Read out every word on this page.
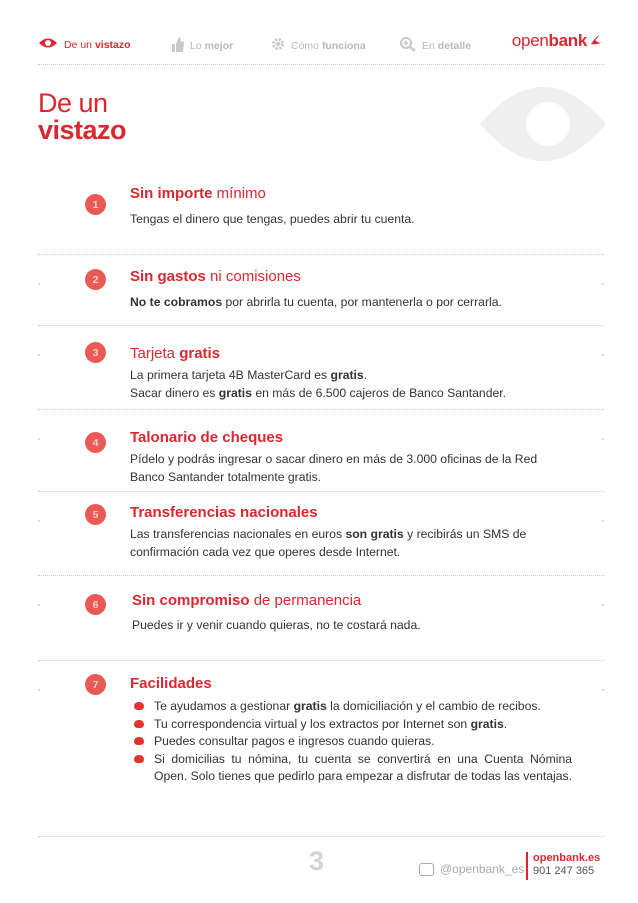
De un
vistazo	Lo
mejor	Cómo
funciona	En
detalle open bank
De un
vistazo
1
Sin importe mínimo
Tengas el dinero que tengas, puedes abrir tu cuenta.
2	Sin gastos ni comisiones
No te cobramos por abrirla tu cuenta, por mantenerla o por cerrarla.
3	Tarjeta gratis
La primera tarjeta 4B MasterCard es gratis.
Sacar dinero es gratis en más de 6.500 cajeros de Banco Santander.
4	Talonario de cheques
Pídelo y podrás ingresar o sacar dinero en más de 3.000 oficinas de la Red Banco Santander totalmente gratis.
5	Transferencias nacionales
Las transferencias nacionales en euros son gratis y recibirás un SMS de confirmación cada vez que operes desde Internet.
6	Sin compromiso de permanencia
Puedes ir y venir cuando quieras, no te costará nada.
7	Facilidades
Te ayudamos a gestionar gratis la domiciliación y el cambio de recibos.
Tu correspondencia virtual y los extractos por Internet son gratis.
Puedes consultar pagos e ingresos cuando quieras.
Si domicilias tu nómina, tu cuenta se convertirá en una Cuenta Nómina Open. Solo tienes que pedirlo para empezar a disfrutar de todas las ventajas.
3	@openbank_es
openbank.es
901 247 365
